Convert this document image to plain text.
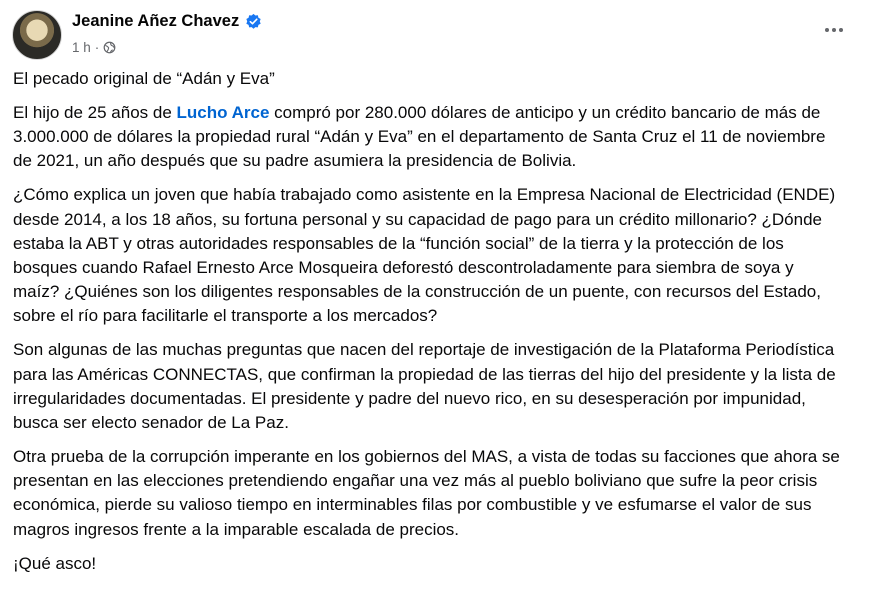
Jeanine Añez Chavez
1 h ·

El pecado original de “Adán y Eva”

El hijo de 25 años de Lucho Arce compró por 280.000 dólares de anticipo y un crédito bancario de más de 3.000.000 de dólares la propiedad rural “Adán y Eva” en el departamento de Santa Cruz el 11 de noviembre de 2021, un año después que su padre asumiera la presidencia de Bolivia.

¿Cómo explica un joven que había trabajado como asistente en la Empresa Nacional de Electricidad (ENDE) desde 2014, a los 18 años, su fortuna personal y su capacidad de pago para un crédito millonario? ¿Dónde estaba la ABT y otras autoridades responsables de la “función social” de la tierra y la protección de los bosques cuando Rafael Ernesto Arce Mosqueira deforestó descontroladamente para siembra de soya y maíz? ¿Quiénes son los diligentes responsables de la construcción de un puente, con recursos del Estado, sobre el río para facilitarle el transporte a los mercados?

Son algunas de las muchas preguntas que nacen del reportaje de investigación de la Plataforma Periodística para las Américas CONNECTAS, que confirman la propiedad de las tierras del hijo del presidente y la lista de irregularidades documentadas. El presidente y padre del nuevo rico, en su desesperación por impunidad, busca ser electo senador de La Paz.

Otra prueba de la corrupción imperante en los gobiernos del MAS, a vista de todas su facciones que ahora se presentan en las elecciones pretendiendo engañar una vez más al pueblo boliviano que sufre la peor crisis económica, pierde su valioso tiempo en interminables filas por combustible y ve esfumarse el valor de sus magros ingresos frente a la imparable escalada de precios.

¡Qué asco!
